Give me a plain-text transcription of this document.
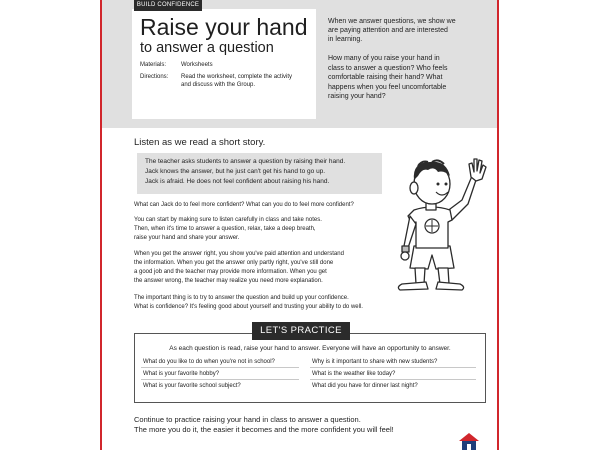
BUILD CONFIDENCE
Raise your hand
to answer a question
Materials: Worksheets
Directions: Read the worksheet, complete the activity
and discuss with the Group.
When we answer questions, we show we
are paying attention and are interested
in learning.
How many of you raise your hand in
class to answer a question? Who feels
comfortable raising their hand? What
happens when you feel uncomfortable
raising your hand?
Listen as we read a short story.
The teacher asks students to answer a question by raising their hand.
Jack knows the answer, but he just can't get his hand to go up.
Jack is afraid. He does not feel confident about raising his hand.
What can Jack do to feel more confident? What can you do to feel more confident?
You can start by making sure to listen carefully in class and take notes.
Then, when it's time to answer a question, relax, take a deep breath,
raise your hand and share your answer.
When you get the answer right, you show you've paid attention and understand
the information. When you get the answer only partly right, you've still done
a good job and the teacher may provide more information. When you get
the answer wrong, the teacher may realize you need more explanation.
The important thing is to try to answer the question and build up your confidence.
What is confidence? It's feeling good about yourself and trusting your ability to do well.
LET'S PRACTICE
As each question is read, raise your hand to answer. Everyone will have an opportunity to answer.
What do you like to do when you're not in school?
What is your favorite hobby?
What is your favorite school subject?
Why is it important to share with new students?
What is the weather like today?
What did you have for dinner last night?
Continue to practice raising your hand in class to answer a question.
The more you do it, the easier it becomes and the more confident you will feel!
